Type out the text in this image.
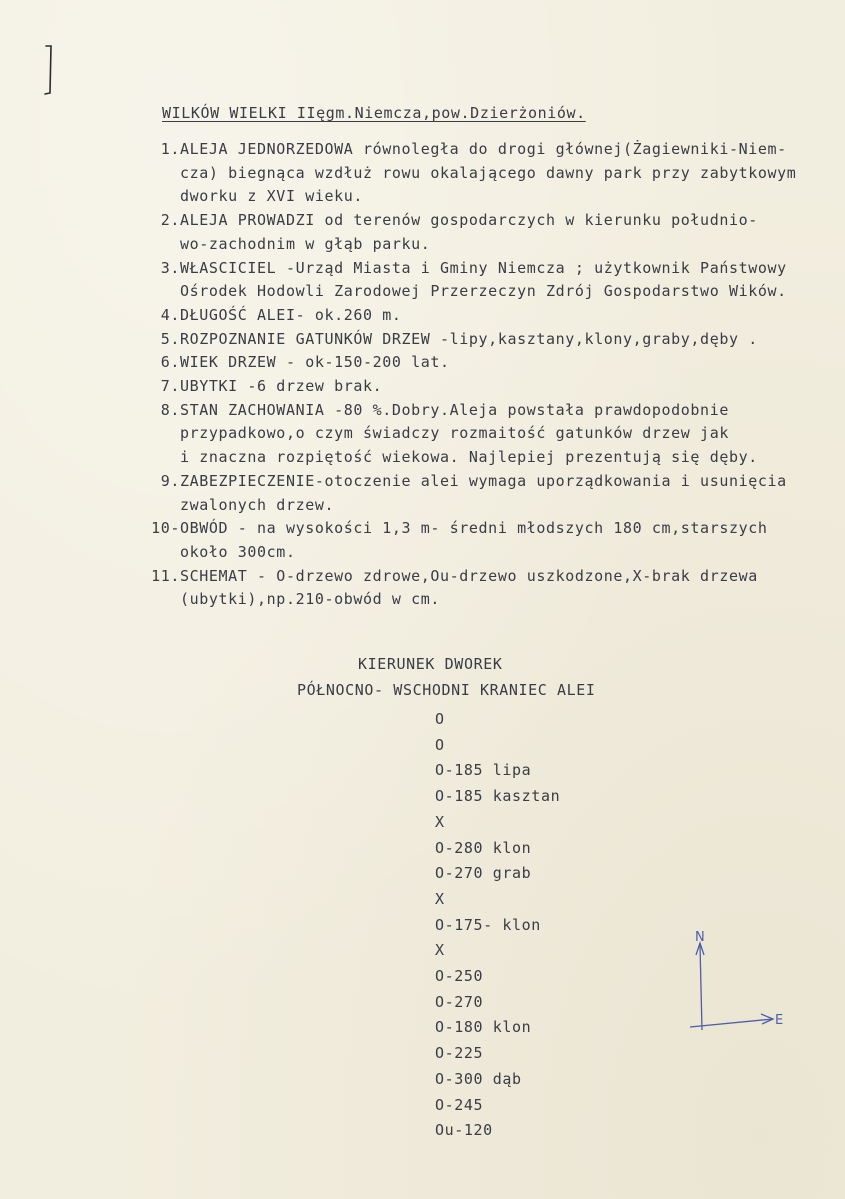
WILKÓW WIELKI IIęgm.Niemcza,pow.Dzierżoniów.
1. ALEJA JEDNORZEDOWA równoległa do drogi głównej(Żagiewniki-Niem-
cza) biegnąca wzdłuż rowu okalającego dawny park przy zabytkowym
dworku z XVI wieku.
2. ALEJA PROWADZI od terenów gospodarczych w kierunku południo-
wo-zachodnim w głąb parku.
3. WŁASCICIEL -Urząd Miasta i Gminy Niemcza ; użytkownik Państwowy
Ośrodek Hodowli Zarodowej Przerzeczyn Zdrój Gospodarstwo Wików.
4. DŁUGOŚĆ ALEI- ok.260 m.
5. ROZPOZNANIE GATUNKÓW DRZEW -lipy,kasztany,klony,graby,dęby .
6. WIEK DRZEW - ok-150-200 lat.
7. UBYTKI -6 drzew brak.
8. STAN ZACHOWANIA -80 %.Dobry.Aleja powstała prawdopodobnie
przypadkowo,o czym świadczy rozmaitość gatunków drzew jak
i znaczna rozpiętość wiekowa. Najlepiej prezentują się dęby.
9. ZABEZPIECZENIE-otoczenie alei wymaga uporządkowania i usunięcia
zwalonych drzew.
10- OBWÓD - na wysokości 1,3 m- średni młodszych 180 cm,starszych
około 300cm.
11. SCHEMAT - O-drzewo zdrowe,Ou-drzewo uszkodzone,X-brak drzewa
(ubytki),np.210-obwód w cm.
KIERUNEK DWOREK
PÓŁNOCNO- WSCHODNI KRANIEC ALEI
O
O
O-185 lipa
O-185 kasztan
X
O-280 klon
O-270 grab
X
O-175- klon
X
O-250
O-270
O-180 klon
O-225
O-300 dąb
O-245
Ou-120
N
E
